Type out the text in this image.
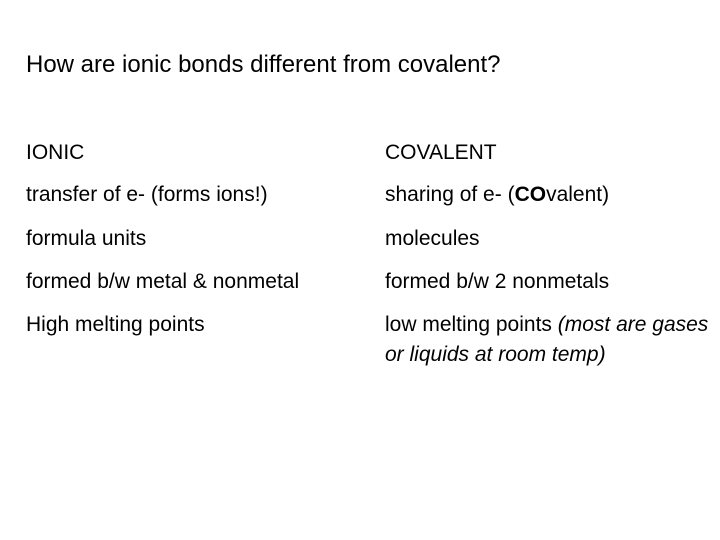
How are ionic bonds different from covalent?
IONIC
transfer of e- (forms ions!)
formula units
formed b/w metal & nonmetal
High melting points
COVALENT
sharing of e- (COvalent)
molecules
formed b/w 2 nonmetals
low melting points (most are gases or liquids at room temp)
